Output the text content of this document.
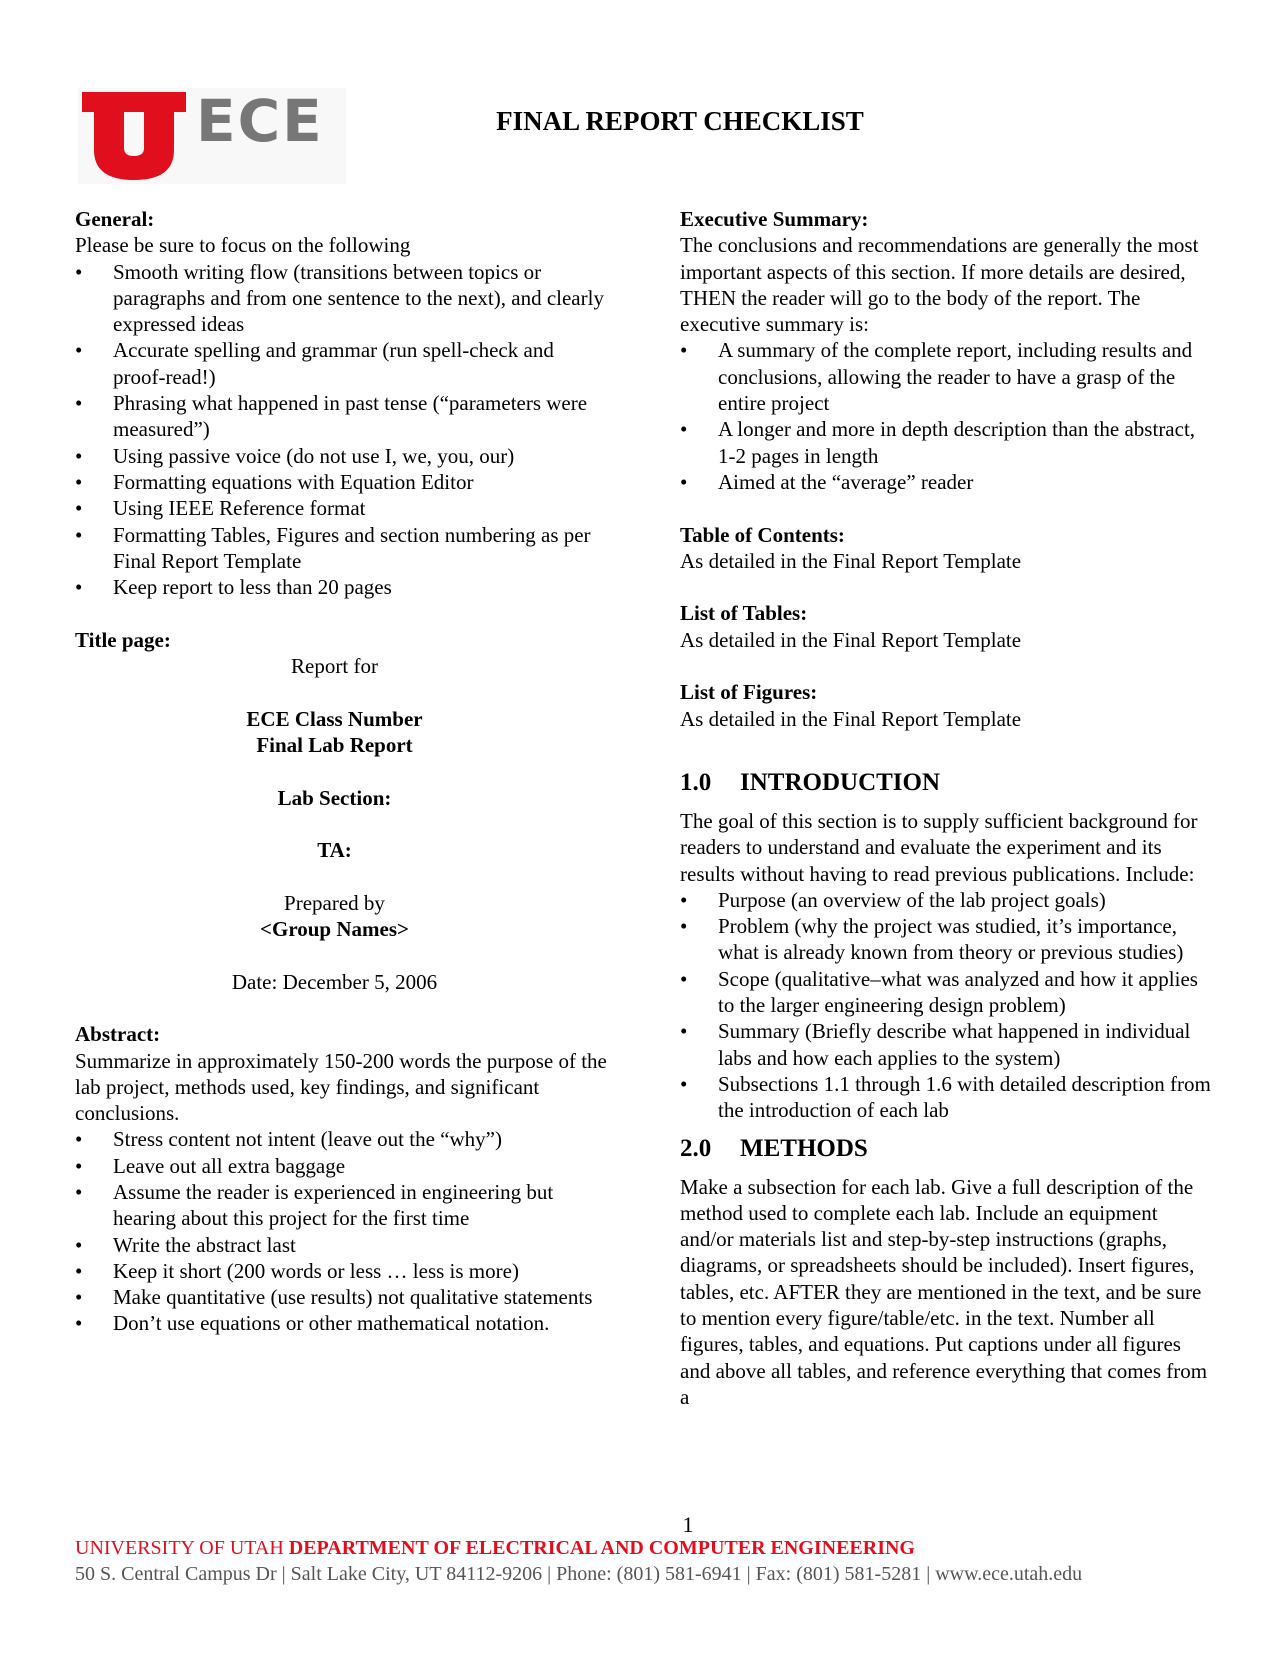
ECE	FINAL REPORT CHECKLIST
General:
Please be sure to focus on the following
• Smooth writing flow (transitions between topics or paragraphs and from one sentence to the next), and clearly expressed ideas
• Accurate spelling and grammar (run spell-check and proof-read!)
• Phrasing what happened in past tense (“parameters were measured”)
• Using passive voice (do not use I, we, you, our)
• Formatting equations with Equation Editor
• Using IEEE Reference format
• Formatting Tables, Figures and section numbering as per Final Report Template
• Keep report to less than 20 pages
Title page:
Report for
ECE Class Number
Final Lab Report
Lab Section:
TA:
Prepared by
<Group Names>
Date: December 5, 2006
Abstract:
Summarize in approximately 150-200 words the purpose of the lab project, methods used, key findings, and significant conclusions.
• Stress content not intent (leave out the “why”)
• Leave out all extra baggage
• Assume the reader is experienced in engineering but hearing about this project for the first time
• Write the abstract last
• Keep it short (200 words or less … less is more)
• Make quantitative (use results) not qualitative statements
• Don’t use equations or other mathematical notation.
Executive Summary:
The conclusions and recommendations are generally the most important aspects of this section. If more details are desired, THEN the reader will go to the body of the report. The executive summary is:
• A summary of the complete report, including results and conclusions, allowing the reader to have a grasp of the entire project
• A longer and more in depth description than the abstract, 1-2 pages in length
• Aimed at the “average” reader
Table of Contents:
As detailed in the Final Report Template
List of Tables:
As detailed in the Final Report Template
List of Figures:
As detailed in the Final Report Template
1.0 INTRODUCTION
The goal of this section is to supply sufficient background for readers to understand and evaluate the experiment and its results without having to read previous publications. Include:
• Purpose (an overview of the lab project goals)
• Problem (why the project was studied, it’s importance, what is already known from theory or previous studies)
• Scope (qualitative–what was analyzed and how it applies to the larger engineering design problem)
• Summary (Briefly describe what happened in individual labs and how each applies to the system)
• Subsections 1.1 through 1.6 with detailed description from the introduction of each lab
2.0 METHODS
Make a subsection for each lab. Give a full description of the method used to complete each lab. Include an equipment and/or materials list and step-by-step instructions (graphs, diagrams, or spreadsheets should be included). Insert figures, tables, etc. AFTER they are mentioned in the text, and be sure to mention every figure/table/etc. in the text. Number all figures, tables, and equations. Put captions under all figures and above all tables, and reference everything that comes from a
1
UNIVERSITY OF UTAH DEPARTMENT OF ELECTRICAL AND COMPUTER ENGINEERING
50 S. Central Campus Dr | Salt Lake City, UT 84112-9206 | Phone: (801) 581-6941 | Fax: (801) 581-5281 | www.ece.utah.edu
